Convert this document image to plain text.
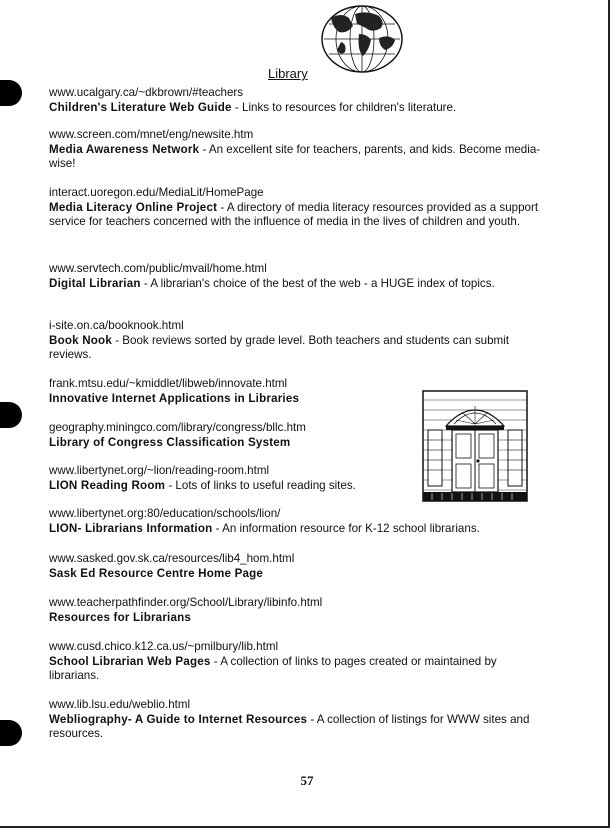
Library
www.ucalgary.ca/~dkbrown/#teachers
Children's Literature Web Guide - Links to resources for children's literature.
www.screen.com/mnet/eng/newsite.htm
Media Awareness Network - An excellent site for teachers, parents, and kids. Become media-wise!
interact.uoregon.edu/MediaLit/HomePage
Media Literacy Online Project - A directory of media literacy resources provided as a support service for teachers concerned with the influence of media in the lives of children and youth.
www.servtech.com/public/mvail/home.html
Digital Librarian - A librarian's choice of the best of the web - a HUGE index of topics.
i-site.on.ca/booknook.html
Book Nook - Book reviews sorted by grade level. Both teachers and students can submit reviews.
frank.mtsu.edu/~kmiddlet/libweb/innovate.html
Innovative Internet Applications in Libraries
geography.miningco.com/library/congress/bllc.htm
Library of Congress Classification System
www.libertynet.org/~lion/reading-room.html
LION Reading Room - Lots of links to useful reading sites.
www.libertynet.org:80/education/schools/lion/
LION- Librarians Information - An information resource for K-12 school librarians.
www.sasked.gov.sk.ca/resources/lib4_hom.html
Sask Ed Resource Centre Home Page
www.teacherpathfinder.org/School/Library/libinfo.html
Resources for Librarians
www.cusd.chico.k12.ca.us/~pmilbury/lib.html
School Librarian Web Pages - A collection of links to pages created or maintained by librarians.
www.lib.lsu.edu/weblio.html
Webliography- A Guide to Internet Resources - A collection of listings for WWW sites and resources.
57
